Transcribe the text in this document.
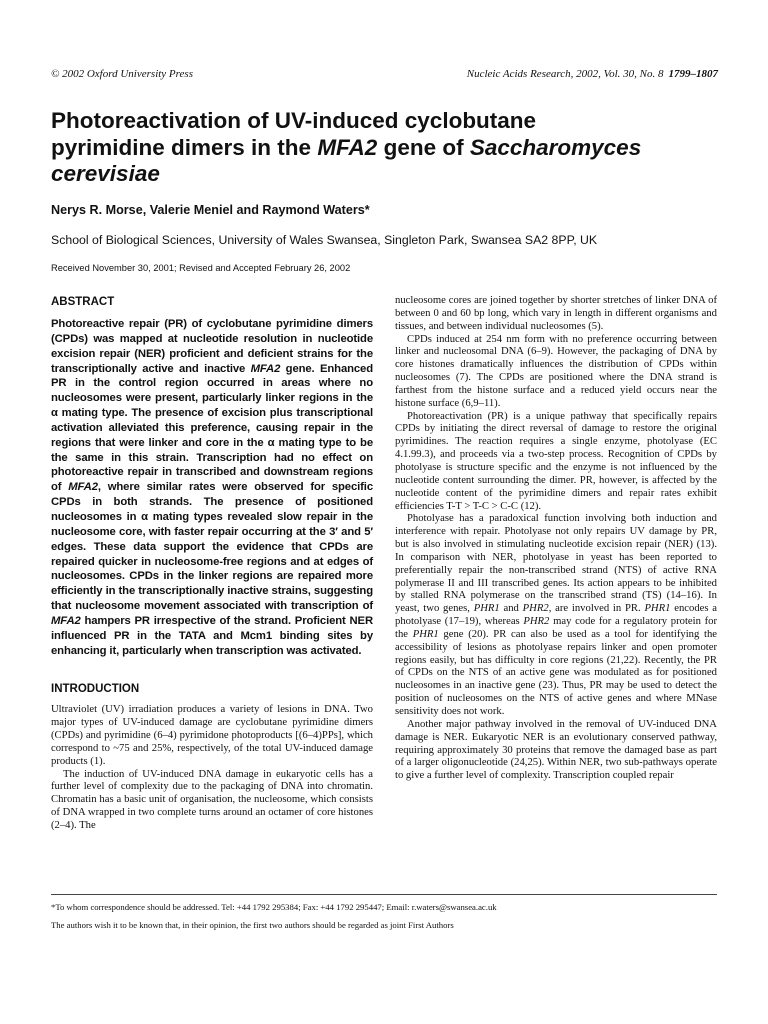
© 2002 Oxford University Press	Nucleic Acids Research, 2002, Vol. 30, No. 8 1799–1807
Photoreactivation of UV-induced cyclobutane
pyrimidine dimers in the MFA2 gene of Saccharomyces
cerevisiae
Nerys R. Morse, Valerie Meniel and Raymond Waters*
School of Biological Sciences, University of Wales Swansea, Singleton Park, Swansea SA2 8PP, UK
Received November 30, 2001; Revised and Accepted February 26, 2002
ABSTRACT

Photoreactive repair (PR) of cyclobutane pyrimidine dimers (CPDs) was mapped at nucleotide resolution in nucleotide excision repair (NER) proficient and deficient strains for the transcriptionally active and inactive MFA2 gene. Enhanced PR in the control region occurred in areas where no nucleosomes were present, particularly linker regions in the α mating type. The presence of excision plus transcriptional activation alleviated this preference, causing repair in the regions that were linker and core in the α mating type to be the same in this strain. Transcription had no effect on photoreactive repair in transcribed and downstream regions of MFA2, where similar rates were observed for specific CPDs in both strands. The presence of positioned nucleosomes in α mating types revealed slow repair in the nucleosome core, with faster repair occurring at the 3′ and 5′ edges. These data support the evidence that CPDs are repaired quicker in nucleosome-free regions and at edges of nucleosomes. CPDs in the linker regions are repaired more efficiently in the transcriptionally inactive strains, suggesting that nucleosome movement associated with transcription of MFA2 hampers PR irrespective of the strand. Proficient NER influenced PR in the TATA and Mcm1 binding sites by enhancing it, particularly when transcription was activated.

INTRODUCTION

Ultraviolet (UV) irradiation produces a variety of lesions in DNA. Two major types of UV-induced damage are cyclobutane pyrimidine dimers (CPDs) and pyrimidine (6–4) pyrimidone photoproducts [(6–4)PPs], which correspond to ~75 and 25%, respectively, of the total UV-induced damage products (1).

The induction of UV-induced DNA damage in eukaryotic cells has a further level of complexity due to the packaging of DNA into chromatin. Chromatin has a basic unit of organisation, the nucleosome, which consists of DNA wrapped in two complete turns around an octamer of core histones (2–4). The

nucleosome cores are joined together by shorter stretches of linker DNA of between 0 and 60 bp long, which vary in length in different organisms and tissues, and between individual nucleosomes (5).

CPDs induced at 254 nm form with no preference occurring between linker and nucleosomal DNA (6–9). However, the packaging of DNA by core histones dramatically influences the distribution of CPDs within nucleosomes (7). The CPDs are positioned where the DNA strand is farthest from the histone surface and a reduced yield occurs near the histone surface (6,9–11).

Photoreactivation (PR) is a unique pathway that specifically repairs CPDs by initiating the direct reversal of damage to restore the original pyrimidines. The reaction requires a single enzyme, photolyase (EC 4.1.99.3), and proceeds via a two-step process. Recognition of CPDs by photolyase is structure specific and the enzyme is not influenced by the nucleotide content surrounding the dimer. PR, however, is affected by the nucleotide content of the pyrimidine dimers and repair rates exhibit efficiencies T-T > T-C > C-C (12).

Photolyase has a paradoxical function involving both induction and interference with repair. Photolyase not only repairs UV damage by PR, but is also involved in stimulating nucleotide excision repair (NER) (13). In comparison with NER, photolyase in yeast has been reported to preferentially repair the non-transcribed strand (NTS) of active RNA polymerase II and III transcribed genes. Its action appears to be inhibited by stalled RNA polymerase on the transcribed strand (TS) (14–16). In yeast, two genes, PHR1 and PHR2, are involved in PR. PHR1 encodes a photolyase (17–19), whereas PHR2 may code for a regulatory protein for the PHR1 gene (20). PR can also be used as a tool for identifying the accessibility of lesions as photolyase repairs linker and open promoter regions easily, but has difficulty in core regions (21,22). Recently, the PR of CPDs on the NTS of an active gene was modulated as for positioned nucleosomes in an inactive gene (23). Thus, PR may be used to detect the position of nucleosomes on the NTS of active genes and where MNase sensitivity does not work.

Another major pathway involved in the removal of UV-induced DNA damage is NER. Eukaryotic NER is an evolutionary conserved pathway, requiring approximately 30 proteins that remove the damaged base as part of a larger oligonucleotide (24,25). Within NER, two sub-pathways operate to give a further level of complexity. Transcription coupled repair

*To whom correspondence should be addressed. Tel: +44 1792 295384; Fax: +44 1792 295447; Email: r.waters@swansea.ac.uk
The authors wish it to be known that, in their opinion, the first two authors should be regarded as joint First Authors
